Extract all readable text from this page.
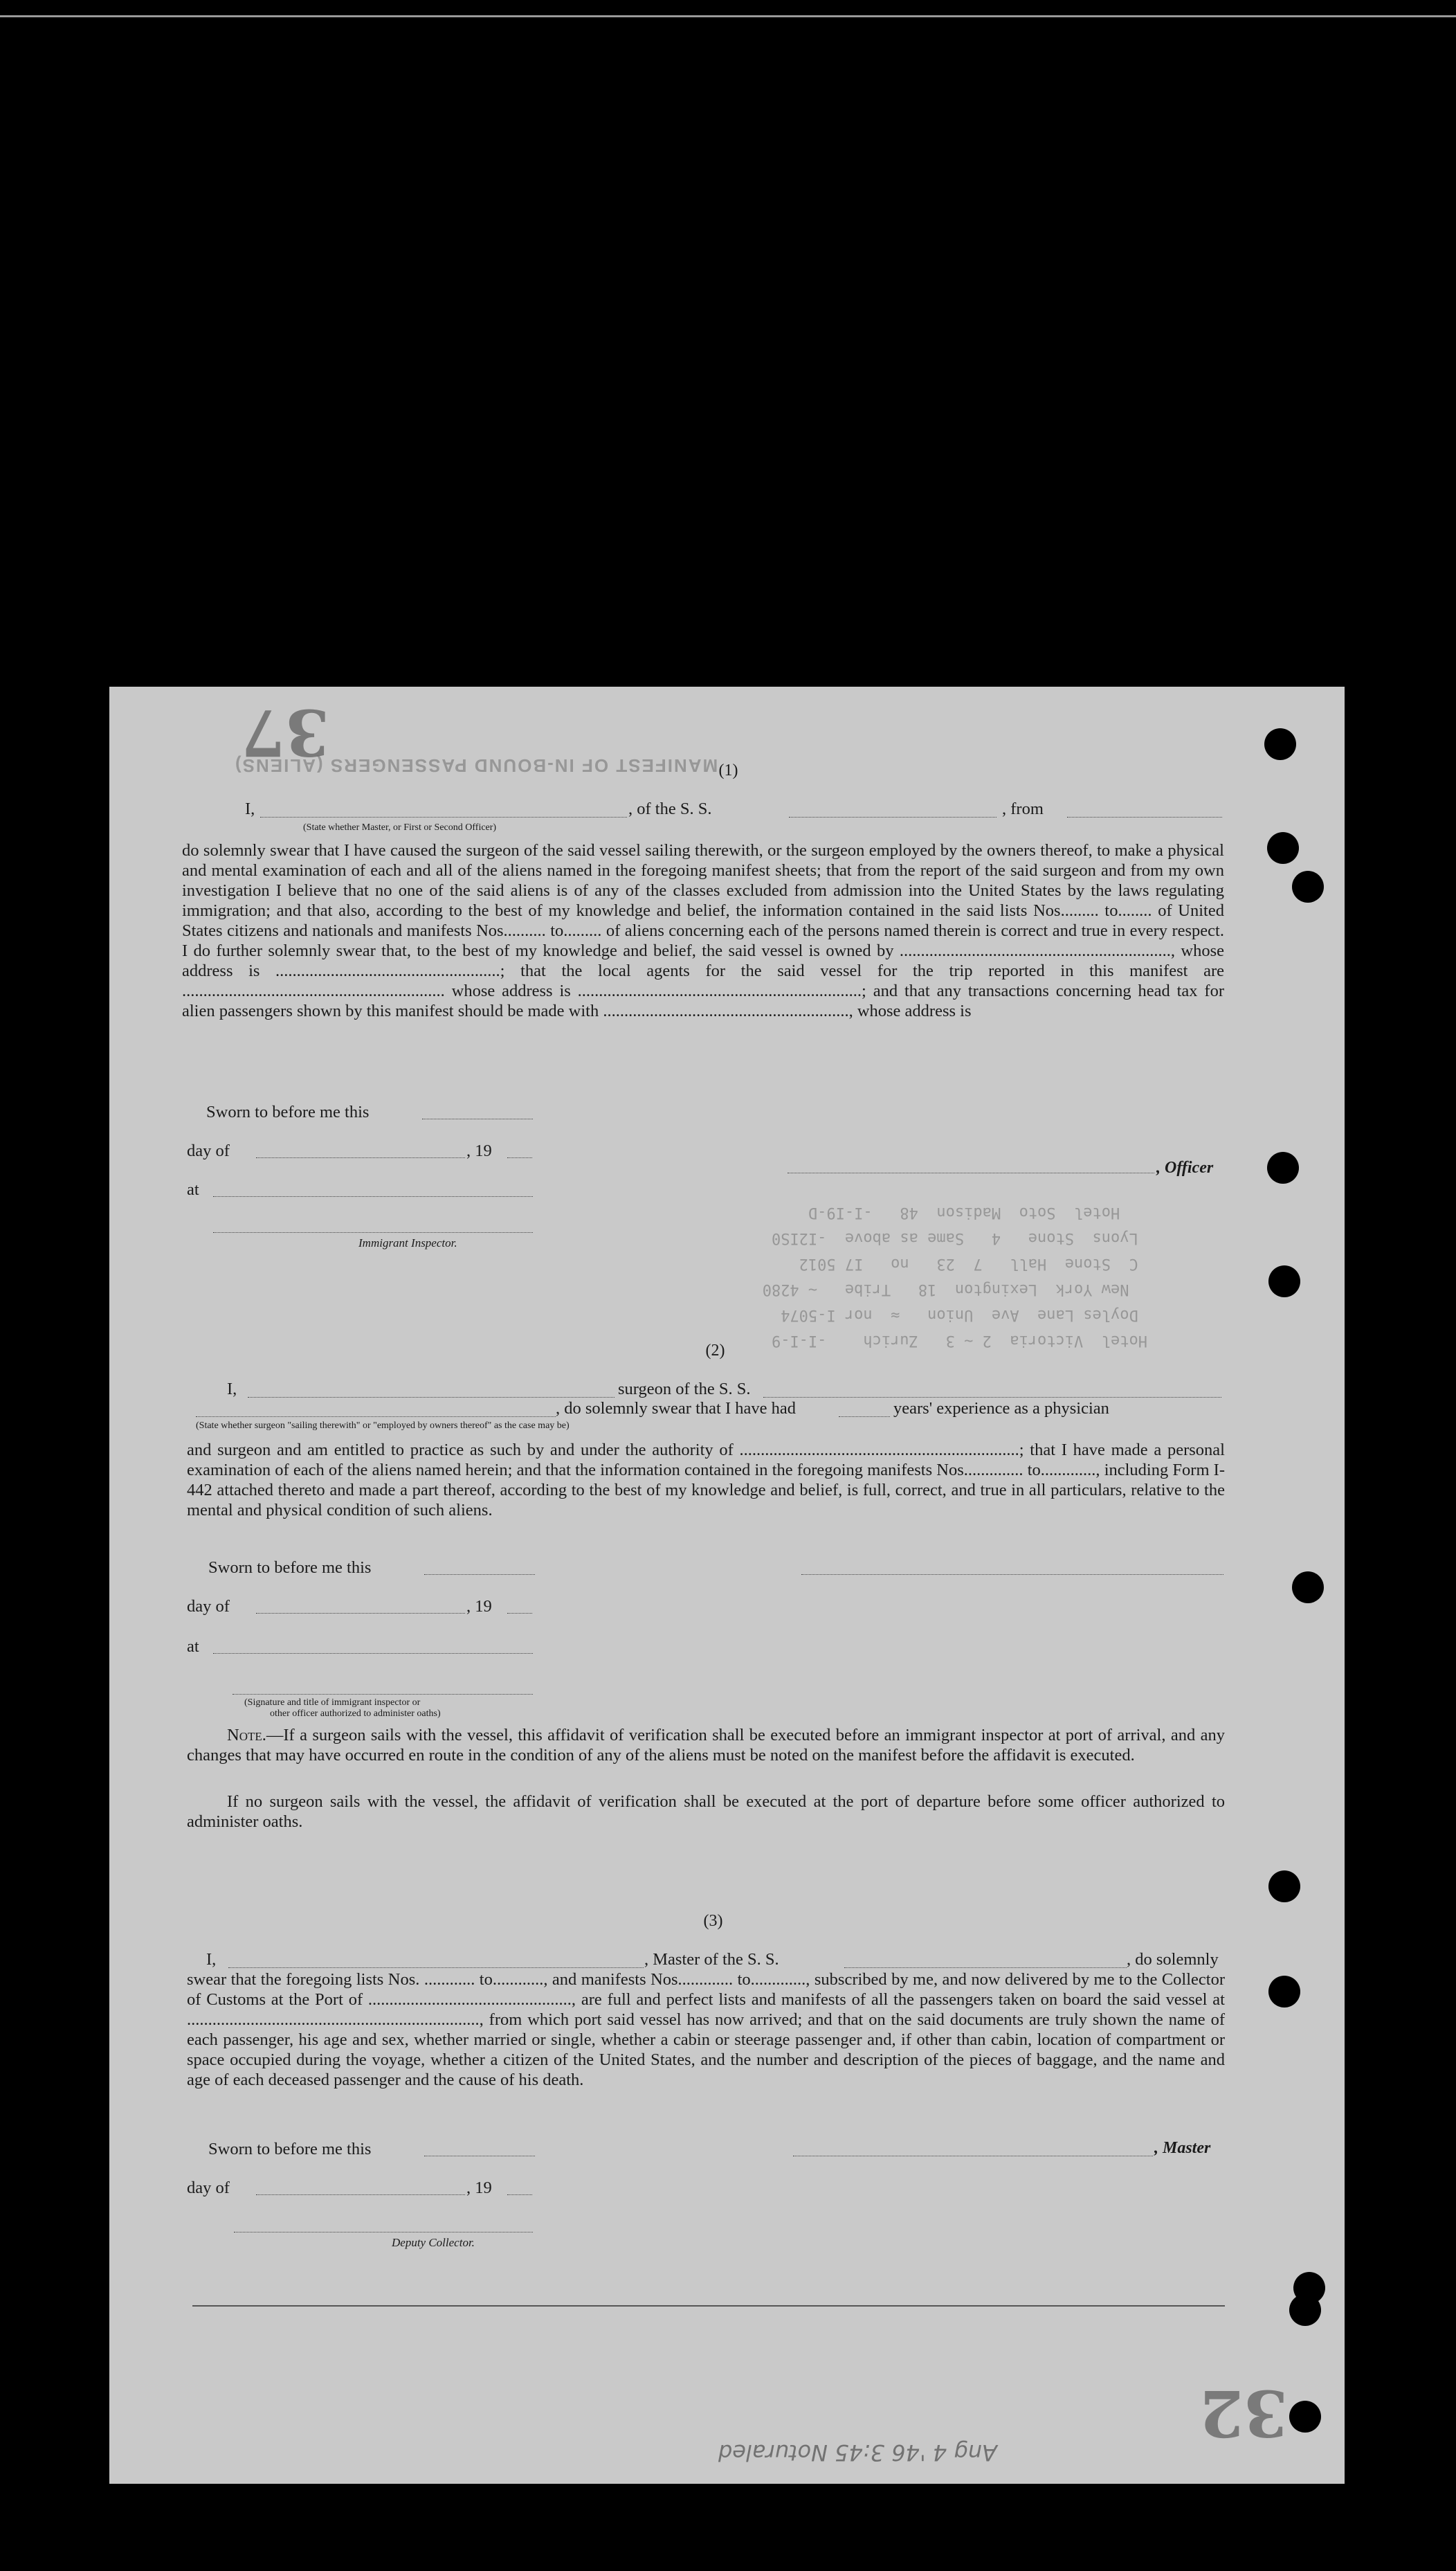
MANIFEST OF IN-BOUND PASSENGERS (ALIENS)
37
32
(1)
I,	, of the S. S.	, from
(State whether Master, or First or Second Officer)
do solemnly swear that I have caused the surgeon of the said vessel sailing therewith, or the surgeon employed by the owners thereof, to make a physical and mental examination of each and all of the aliens named in the foregoing manifest sheets; that from the report of the said surgeon and from my own investigation I believe that no one of the said aliens is of any of the classes excluded from admission into the United States by the laws regulating immigration; and that also, according to the best of my knowledge and belief, the information contained in the said lists Nos......... to........ of United States citizens and nationals and manifests Nos.......... to......... of aliens concerning each of the persons named therein is correct and true in every respect. I do further solemnly swear that, to the best of my knowledge and belief, the said vessel is owned by ................................................................, whose address is .....................................................; that the local agents for the said vessel for the trip reported in this manifest are .............................................................. whose address is ...................................................................; and that any transactions concerning head tax for alien passengers shown by this manifest should be made with .........................................................., whose address is
Sworn to before me this
day of	, 19
, Officer
at
Immigrant Inspector.

Hotel  Victoria  2 ~ 3   Zurich    -I-I-9
Doyles Lane  Ave  Union   ≈  nor I-5074
New York  Lexington  18   Tribe   ~ 4280
C  Stone  Hall   7  23   no   I7 5012
Lyons  Stone   4   Same as above  -I2IS0
Hotel  Soto  Madison  48   -I-I9-D

(2)
I,	surgeon of the S. S.
, do solemnly swear that I have had	years' experience as a physician
(State whether surgeon "sailing therewith" or "employed by owners thereof" as the case may be)
and surgeon and am entitled to practice as such by and under the authority of ..................................................................; that I have made a personal examination of each of the aliens named herein; and that the information contained in the foregoing manifests Nos.............. to............., including Form I-442 attached thereto and made a part thereof, according to the best of my knowledge and belief, is full, correct, and true in all particulars, relative to the mental and physical condition of such aliens.
Sworn to before me this
day of	, 19
at
(Signature and title of immigrant inspector or
other officer authorized to administer oaths)
Note.—If a surgeon sails with the vessel, this affidavit of verification shall be executed before an immigrant inspector at port of arrival, and any changes that may have occurred en route in the condition of any of the aliens must be noted on the manifest before the affidavit is executed.
If no surgeon sails with the vessel, the affidavit of verification shall be executed at the port of departure before some officer authorized to administer oaths.
(3)
I,	, Master of the S. S.	, do solemnly
swear that the foregoing lists Nos. ............ to............, and manifests Nos............. to............., subscribed by me, and now delivered by me to the Collector of Customs at the Port of ................................................, are full and perfect lists and manifests of all the passengers taken on board the said vessel at ....................................................................., from which port said vessel has now arrived; and that on the said documents are truly shown the name of each passenger, his age and sex, whether married or single, whether a cabin or steerage passenger and, if other than cabin, location of compartment or space occupied during the voyage, whether a citizen of the United States, and the number and description of the pieces of baggage, and the name and age of each deceased passenger and the cause of his death.
Sworn to before me this	, Master
day of	, 19
Deputy Collector.
Ang 4 '46 3:45 Noturaled
